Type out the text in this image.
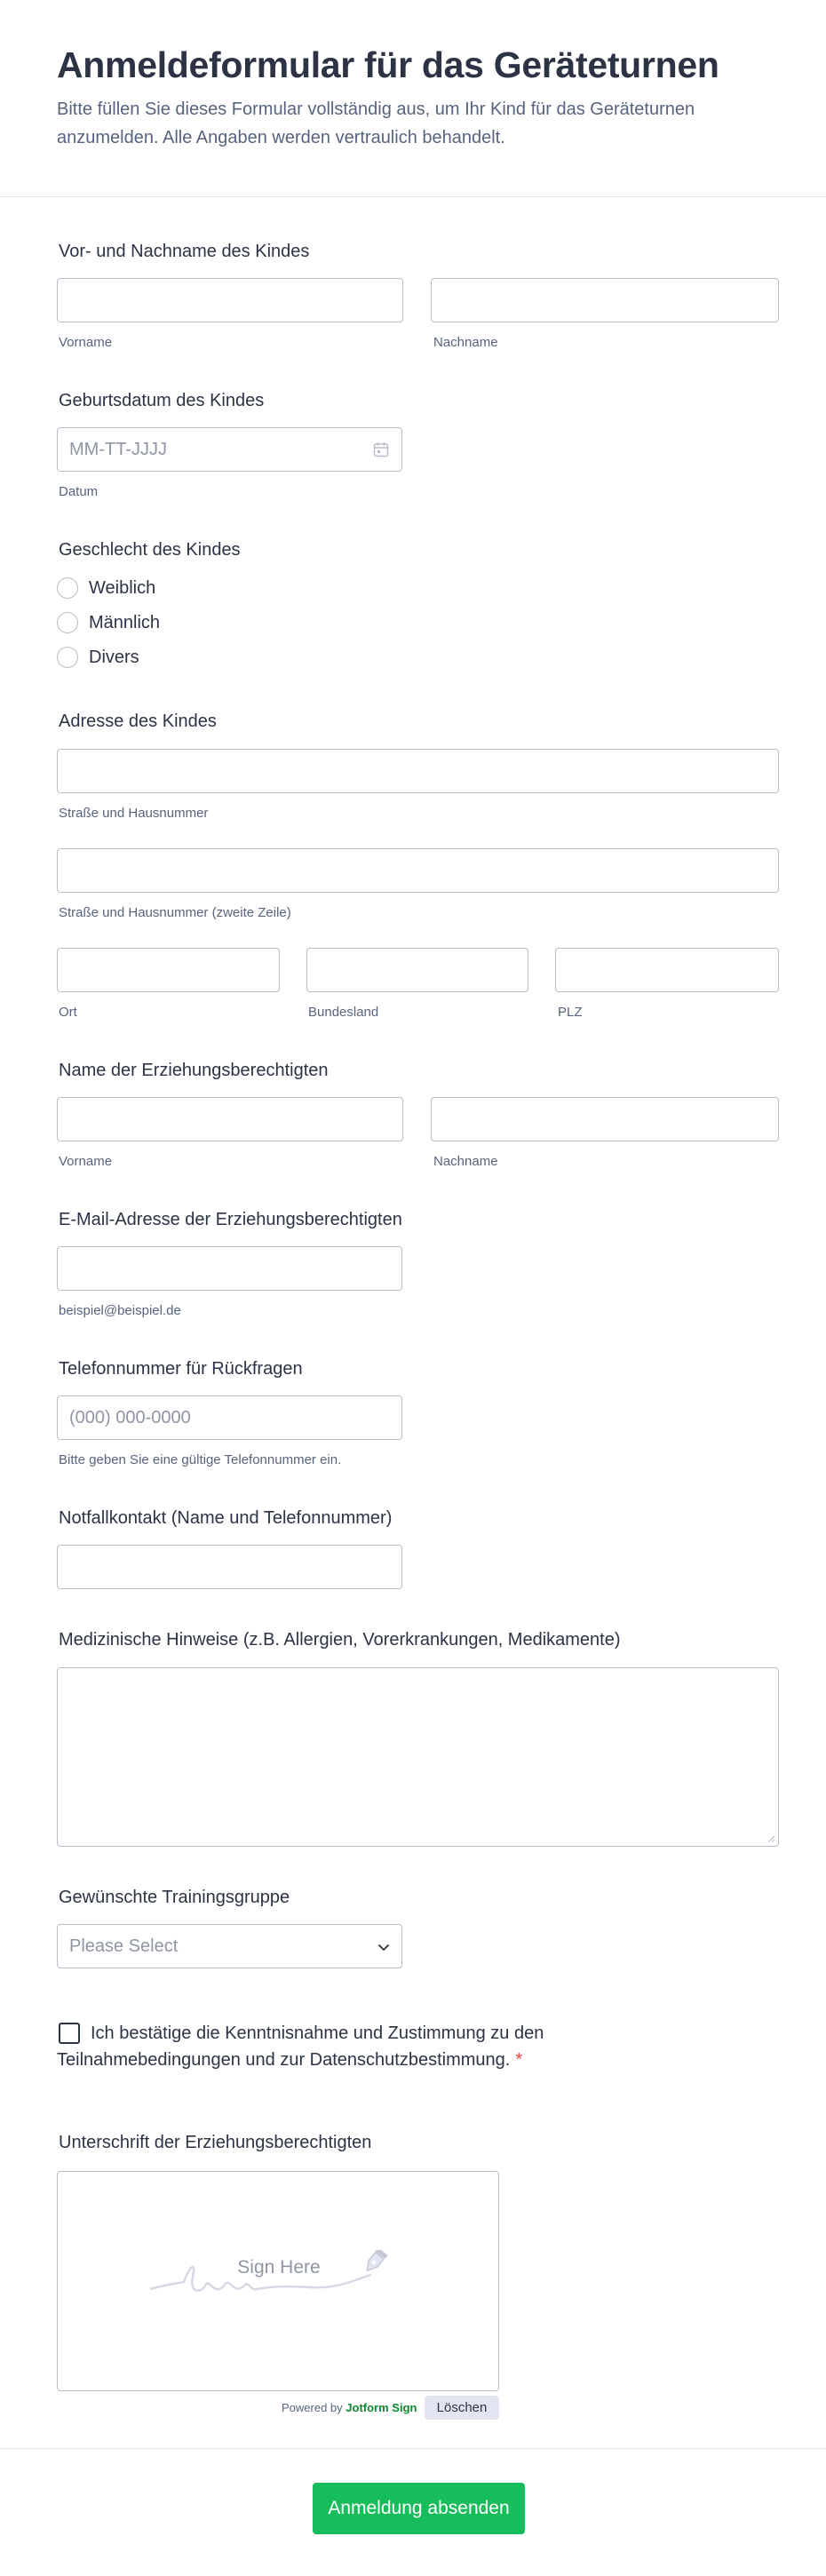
Anmeldeformular für das Geräteturnen
Bitte füllen Sie dieses Formular vollständig aus, um Ihr Kind für das Geräteturnen anzumelden. Alle Angaben werden vertraulich behandelt.
Vor- und Nachname des Kindes
Vorname	Nachname
Geburtsdatum des Kindes
MM-TT-JJJJ
Datum
Geschlecht des Kindes
Weiblich
Männlich
Divers
Adresse des Kindes
Straße und Hausnummer
Straße und Hausnummer (zweite Zeile)
Ort	Bundesland	PLZ
Name der Erziehungsberechtigten
Vorname	Nachname
E-Mail-Adresse der Erziehungsberechtigten
beispiel@beispiel.de
Telefonnummer für Rückfragen
(000) 000-0000
Bitte geben Sie eine gültige Telefonnummer ein.
Notfallkontakt (Name und Telefonnummer)
Medizinische Hinweise (z.B. Allergien, Vorerkrankungen, Medikamente)
Gewünschte Trainingsgruppe
Please Select
Ich bestätige die Kenntnisnahme und Zustimmung zu den Teilnahmebedingungen und zur Datenschutzbestimmung. *
Unterschrift der Erziehungsberechtigten
Sign Here
Powered by Jotform Sign	Löschen
Anmeldung absenden
